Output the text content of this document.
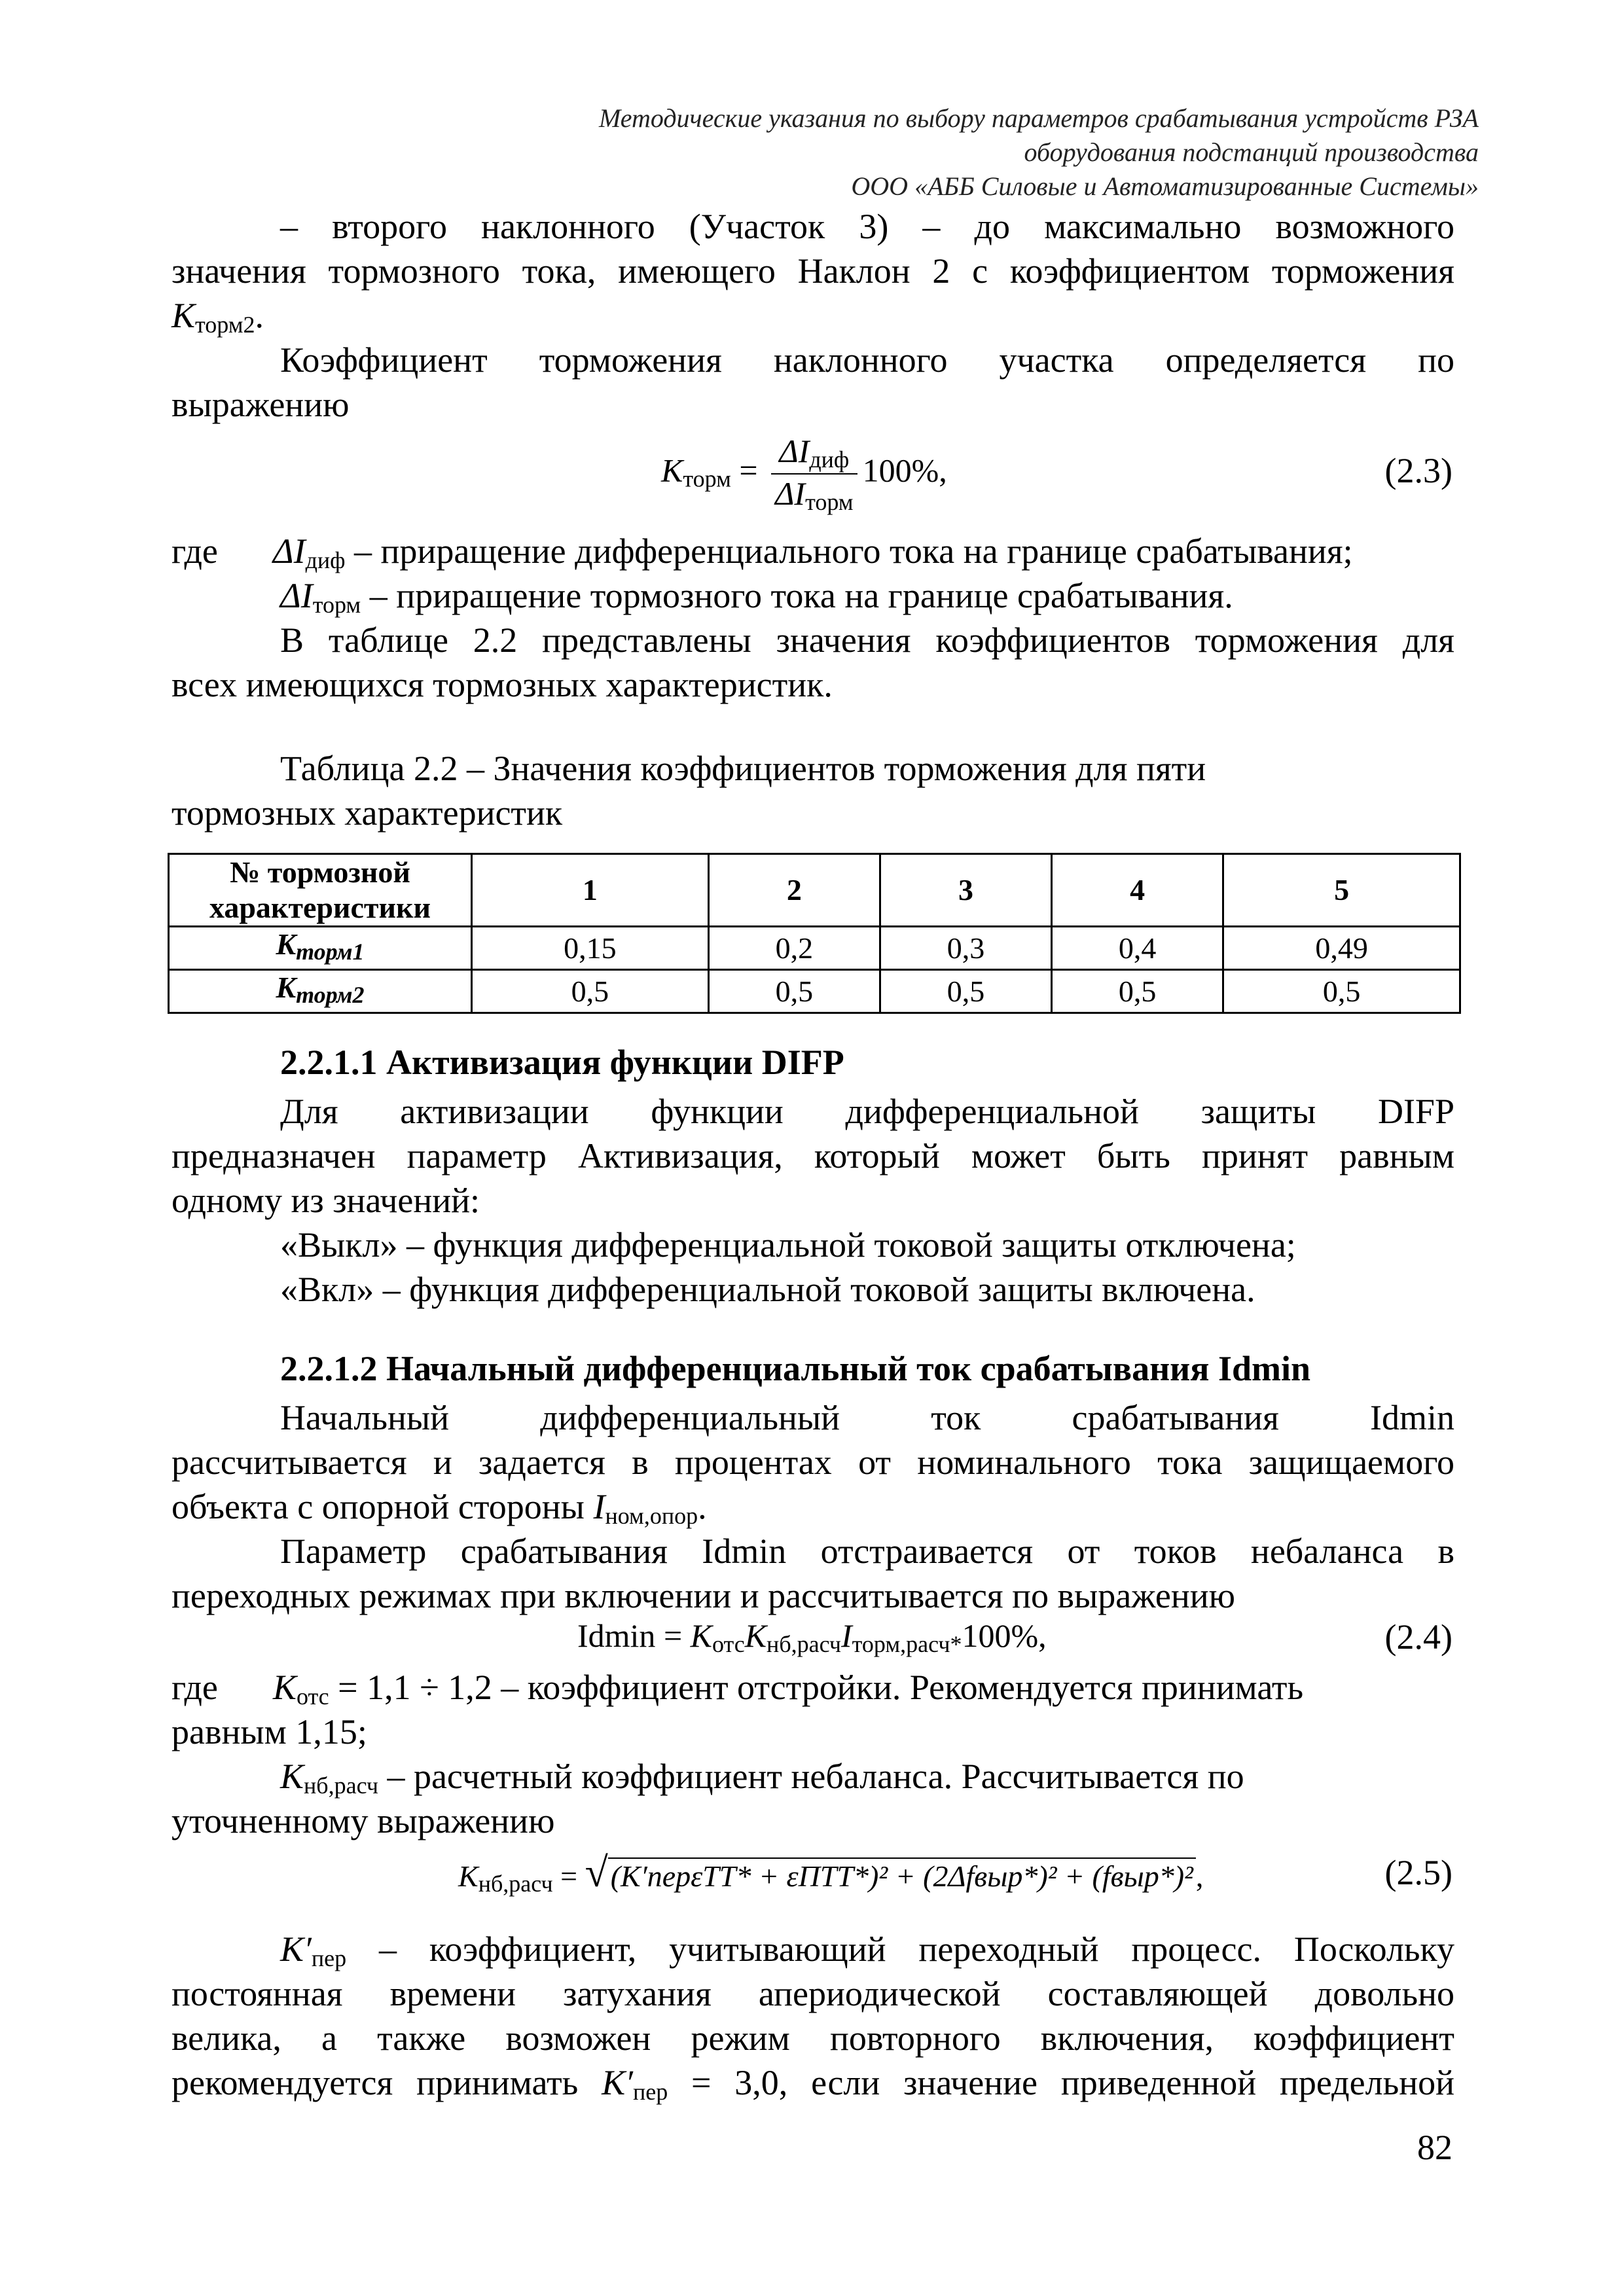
Методические указания по выбору параметров срабатывания устройств РЗА
оборудования подстанций производства
ООО «АББ Силовые и Автоматизированные Системы»
– второго наклонного (Участок 3) – до максимально возможного
значения тормозного тока, имеющего Наклон 2 с коэффициентом торможения
$K_{торм2}$.
Коэффициент торможения наклонного участка определяется по
выражению
$K_{торм} = \frac{\Delta I_{диф}}{\Delta I_{торм}} 100\%$,	(2.3)
где $\Delta I_{диф}$ – приращение дифференциального тока на границе срабатывания;
$\Delta I_{торм}$ – приращение тормозного тока на границе срабатывания.
В таблице 2.2 представлены значения коэффициентов торможения для
всех имеющихся тормозных характеристик.
Таблица 2.2 – Значения коэффициентов торможения для пяти
тормозных характеристик
№ тормозной
характеристики	1	2	3	4	5
$K_{торм1}$	0,15	0,2	0,3	0,4	0,49
$K_{торм2}$	0,5	0,5	0,5	0,5	0,5
2.2.1.1 Активизация функции DIFP
Для активизации функции дифференциальной защиты DIFP
предназначен параметр Активизация, который может быть принят равным
одному из значений:
«Выкл» – функция дифференциальной токовой защиты отключена;
«Вкл» – функция дифференциальной токовой защиты включена.
2.2.1.2 Начальный дифференциальный ток срабатывания Idmin
Начальный дифференциальный ток срабатывания Idmin
рассчитывается и задается в процентах от номинального тока защищаемого
объекта с опорной стороны $I_{ном,опор}$.
Параметр срабатывания Idmin отстраивается от токов небаланса в
переходных режимах при включении и рассчитывается по выражению
$Idmin = K_{отс}K_{нб,расч}I_{торм,расч*}100\%$,	(2.4)
где $K_{отс} = 1,1 \div 1,2$ – коэффициент отстройки. Рекомендуется принимать
равным 1,15;
$K_{нб,расч}$ – расчетный коэффициент небаланса. Рассчитывается по
уточненному выражению
$K_{нб,расч} = √(K'пер\varepsilon ТТ* + \varepsilon ПТТ*)^2$ + (2Δfвыр*)² + (fвыр*)²,	(2.5)
$K'_{пер}$ – коэффициент, учитывающий переходный процесс. Поскольку
постоянная времени затухания апериодической составляющей довольно
велика, а также возможен режим повторного включения, коэффициент
рекомендуется принимать $K'_{пер} = 3,0$, если значение приведенной предельной
82
